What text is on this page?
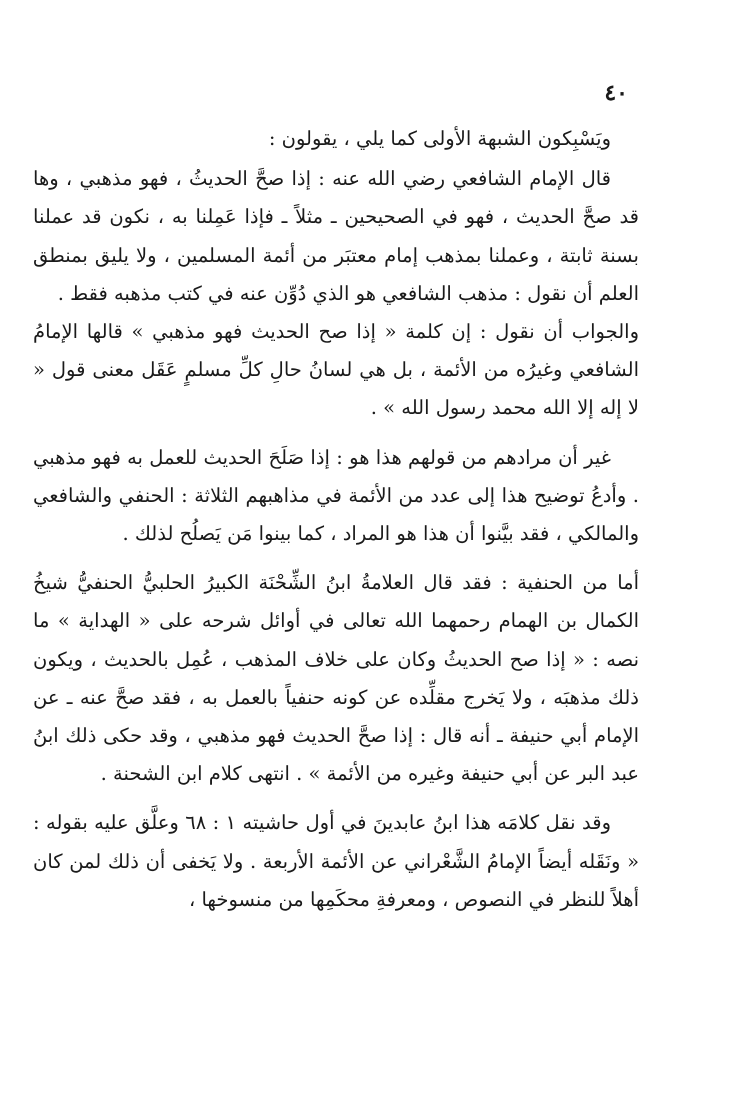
٤٠

ويَسْبِكون الشبهة الأولى كما يلي ، يقولون :

قال الإمام الشافعي رضي الله عنه : إذا صحَّ الحديثُ ، فهو مذهبي ، وها قد صحَّ الحديث ، فهو في الصحيحين ـ مثلاً ـ فإذا عَمِلنا به ، نكون قد عملنا بسنة ثابتة ، وعملنا بمذهب إمام معتبَر من أئمة المسلمين ، ولا يليق بمنطق العلم أن نقول : مذهب الشافعي هو الذي دُوِّن عنه في كتب مذهبه فقط .

والجواب أن نقول : إن كلمة « إذا صح الحديث فهو مذهبي » قالها الإمامُ الشافعي وغيرُه من الأئمة ، بل هي لسانُ حالِ كلِّ مسلمٍ عَقَل معنى قول « لا إله إلا الله محمد رسول الله » .

غير أن مرادهم من قولهم هذا هو : إذا صَلَحَ الحديث للعمل به فهو مذهبي . وأدعُ توضيح هذا إلى عدد من الأئمة في مذاهبهم الثلاثة : الحنفي والشافعي والمالكي ، فقد بيَّنوا أن هذا هو المراد ، كما بينوا مَن يَصلُح لذلك .

أما من الحنفية : فقد قال العلامةُ ابنُ الشِّحْنَة الكبيرُ الحلبيُّ الحنفيُّ شيخُ الكمال بن الهمام رحمهما الله تعالى في أوائل شرحه على « الهداية » ما نصه : « إذا صح الحديثُ وكان على خلاف المذهب ، عُمِل بالحديث ، ويكون ذلك مذهبَه ، ولا يَخرج مقلِّده عن كونه حنفياً بالعمل به ، فقد صحَّ عنه ـ عن الإمام أبي حنيفة ـ أنه قال : إذا صحَّ الحديث فهو مذهبي ، وقد حكى ذلك ابنُ عبد البر عن أبي حنيفة وغيره من الأئمة » . انتهى كلام ابن الشحنة .

وقد نقل كلامَه هذا ابنُ عابدينَ في أول حاشيته ١ : ٦٨ وعلَّق عليه بقوله : « ونَقَله أيضاً الإمامُ الشَّعْراني عن الأئمة الأربعة . ولا يَخفى أن ذلك لمن كان أهلاً للنظر في النصوص ، ومعرفةِ محكَمِها من منسوخها ،
